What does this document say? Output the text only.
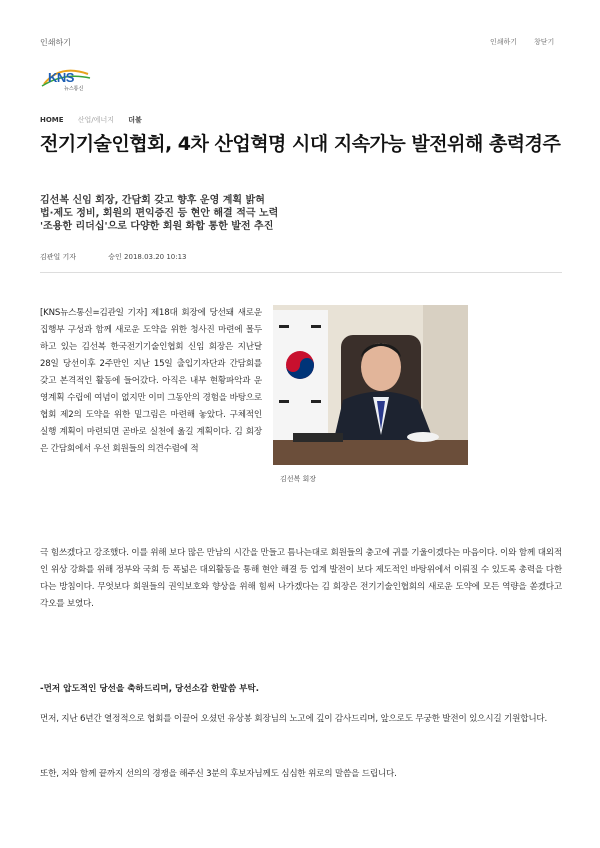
인쇄하기	인쇄하기 창닫기
KNS
뉴스통신
HOME 산업/에너지 더불
전기기술인협회, 4차 산업혁명 시대 지속가능 발전위해 총력경주
김선복 신임 회장, 간담회 갖고 향후 운영 계획 밝혀
법·제도 정비, 회원의 편익증진 등 현안 해결 적극 노력
'조용한 리더십'으로 다양한 회원 화합 통한 발전 추진
김관일 기자	승인 2018.03.20 10:13
[KNS뉴스통신=김관일 기자] 제18대 회장에 당선돼 새로운 집행부 구성과 함께 새로운 도약을 위한 청사진 마련에 몰두하고 있는 김선복 한국전기기술인협회 신임 회장은 지난달 28일 당선이후 2주만인 지난 15일 출입기자단과 간담회를 갖고 본격적인 활동에 들어갔다. 아직은 내부 현황파악과 운영계획 수립에 여념이 없지만 이미 그동안의 경험을 바탕으로 협회 제2의 도약을 위한 밑그림은 마련해 놓았다. 구체적인 실행 계획이 마련되면 곧바로 실천에 옮길 계획이다. 김 회장은 간담회에서 우선 회원들의 의견수렴에 적
김선복 회장
극 힘쓰겠다고 강조했다. 이를 위해 보다 많은 만남의 시간을 만들고 틈나는대로 회원들의 충고에 귀를 기울이겠다는 마음이다. 이와 함께 대외적인 위상 강화를 위해 정부와 국회 등 폭넓은 대외활동을 통해 현안 해결 등 업계 발전이 보다 제도적인 바탕위에서 이뤄질 수 있도록 총력을 다한다는 방침이다. 무엇보다 회원들의 권익보호와 향상을 위해 힘써 나가겠다는 김 회장은 전기기술인협회의 새로운 도약에 모든 역량을 쏟겠다고 각오를 보였다.
-먼저 압도적인 당선을 축하드리며, 당선소감 한말씀 부탁.
먼저, 지난 6년간 열정적으로 협회를 이끌어 오셨던 유상봉 회장님의 노고에 깊이 감사드리며, 앞으로도 무궁한 발전이 있으시길 기원합니다.
또한, 저와 함께 끝까지 선의의 경쟁을 해주신 3분의 후보자님께도 심심한 위로의 말씀을 드립니다.
